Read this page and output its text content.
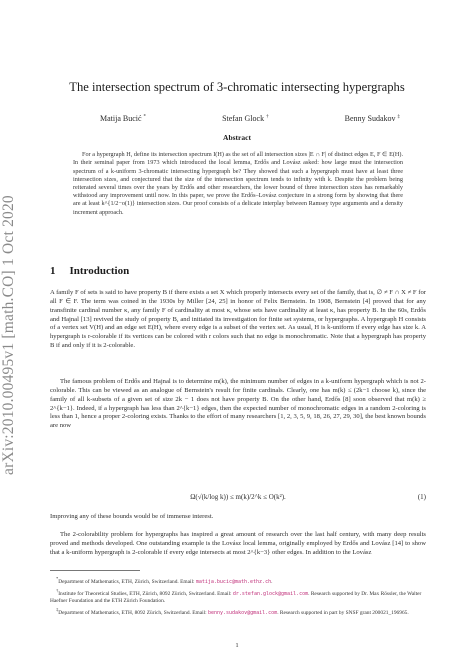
arXiv:2010.00495v1 [math.CO] 1 Oct 2020
The intersection spectrum of 3-chromatic intersecting hypergraphs
Matija Bucić *	Stefan Glock †	Benny Sudakov ‡
Abstract

For a hypergraph H, define its intersection spectrum I(H) as the set of all intersection sizes |E ∩ F| of distinct edges E, F ∈ E(H). In their seminal paper from 1973 which introduced the local lemma, Erdős and Lovász asked: how large must the intersection spectrum of a k-uniform 3-chromatic intersecting hypergraph be? They showed that such a hypergraph must have at least three intersection sizes, and conjectured that the size of the intersection spectrum tends to infinity with k. Despite the problem being reiterated several times over the years by Erdős and other researchers, the lower bound of three intersection sizes has remarkably withstood any improvement until now. In this paper, we prove the Erdős–Lovász conjecture in a strong form by showing that there are at least k^{1/2−o(1)} intersection sizes. Our proof consists of a delicate interplay between Ramsey type arguments and a density increment approach.

1 Introduction

A family F of sets is said to have property B if there exists a set X which properly intersects every set of the family, that is, ∅ ≠ F ∩ X ≠ F for all F ∈ F. The term was coined in the 1930s by Miller [24, 25] in honor of Felix Bernstein. In 1908, Bernstein [4] proved that for any transfinite cardinal number κ, any family F of cardinality at most κ, whose sets have cardinality at least κ, has property B. In the 60s, Erdős and Hajnal [13] revived the study of property B, and initiated its investigation for finite set systems, or hypergraphs. A hypergraph H consists of a vertex set V(H) and an edge set E(H), where every edge is a subset of the vertex set. As usual, H is k-uniform if every edge has size k. A hypergraph is r-colorable if its vertices can be colored with r colors such that no edge is monochromatic. Note that a hypergraph has property B if and only if it is 2-colorable.

The famous problem of Erdős and Hajnal is to determine m(k), the minimum number of edges in a k-uniform hypergraph which is not 2-colorable. This can be viewed as an analogue of Bernstein's result for finite cardinals. Clearly, one has m(k) ≤ (2k−1 choose k), since the family of all k-subsets of a given set of size 2k − 1 does not have property B. On the other hand, Erdős [8] soon observed that m(k) ≥ 2^{k−1}. Indeed, if a hypergraph has less than 2^{k−1} edges, then the expected number of monochromatic edges in a random 2-coloring is less than 1, hence a proper 2-coloring exists. Thanks to the effort of many researchers [1, 2, 3, 5, 9, 18, 26, 27, 29, 30], the best known bounds are now

Ω(√(k/log k)) ≤ m(k)/2^k ≤ O(k²).	(1)

Improving any of these bounds would be of immense interest.

The 2-colorability problem for hypergraphs has inspired a great amount of research over the last half century, with many deep results proved and methods developed. One outstanding example is the Lovász local lemma, originally employed by Erdős and Lovász [14] to show that a k-uniform hypergraph is 2-colorable if every edge intersects at most 2^{k−3} other edges. In addition to the Lovász

*Department of Mathematics, ETH, Zürich, Switzerland. Email: matija.bucic@math.ethz.ch.

†Institute for Theoretical Studies, ETH, Zürich, 8092 Zürich, Switzerland. Email: dr.stefan.glock@gmail.com. Research supported by Dr. Max Rössler, the Walter Haefner Foundation and the ETH Zürich Foundation.

‡Department of Mathematics, ETH, 8092 Zürich, Switzerland. Email: benny.sudakov@gmail.com. Research supported in part by SNSF grant 200021_196965.

1
